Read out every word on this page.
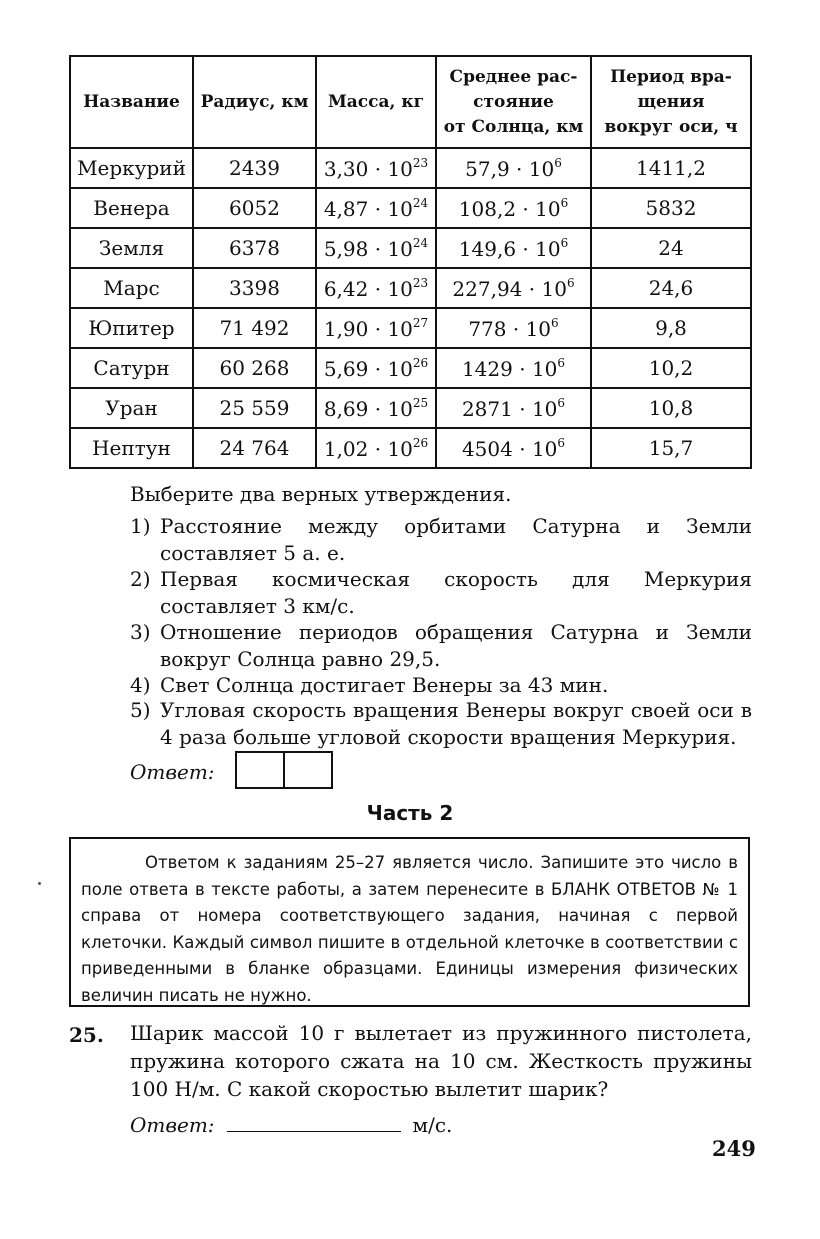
Название	Радиус, км	Масса, кг	Среднее рас-
стояние
от Солнца, км	Период вра-
щения
вокруг оси, ч
Меркурий	2439	$3,30 \cdot 10^{23}$	$57,9 \cdot 10^6$	1411,2
Венера	6052	$4,87 \cdot 10^{24}$	$108,2 \cdot 10^6$	5832
Земля	6378	$5,98 \cdot 10^{24}$	$149,6 \cdot 10^6$	24
Марс	3398	$6,42 \cdot 10^{23}$	$227,94 \cdot 10^6$	24,6
Юпитер	71 492	$1,90 \cdot 10^{27}$	$778 \cdot 10^6$	9,8
Сатурн	60 268	$5,69 \cdot 10^{26}$	$1429 \cdot 10^6$	10,2
Уран	25 559	$8,69 \cdot 10^{25}$	$2871 \cdot 10^6$	10,8
Нептун	24 764	$1,02 \cdot 10^{26}$	$4504 \cdot 10^6$	15,7
Выберите два верных утверждения.
1) Расстояние между орбитами Сатурна и Земли составляет 5 а. е.
2) Первая космическая скорость для Меркурия составляет 3 км/с.
3) Отношение периодов обращения Сатурна и Земли вокруг Солнца равно 29,5.
4) Свет Солнца достигает Венеры за 43 мин.
5) Угловая скорость вращения Венеры вокруг своей оси в 4 раза больше угловой скорости вращения Меркурия.
Ответ:
Часть 2
Ответом к заданиям 25–27 является число. Запишите это число в поле ответа в тексте работы, а затем перенесите в БЛАНК ОТВЕТОВ № 1 справа от номера соответствующего задания, начиная с первой клеточки. Каждый символ пишите в отдельной клеточке в соответствии с приведенными в бланке образцами. Единицы измерения физических величин писать не нужно.
25. Шарик массой 10 г вылетает из пружинного пистолета, пружина которого сжата на 10 см. Жесткость пружины 100 Н/м. С какой скоростью вылетит шарик?
Ответ:	м/с.
249
